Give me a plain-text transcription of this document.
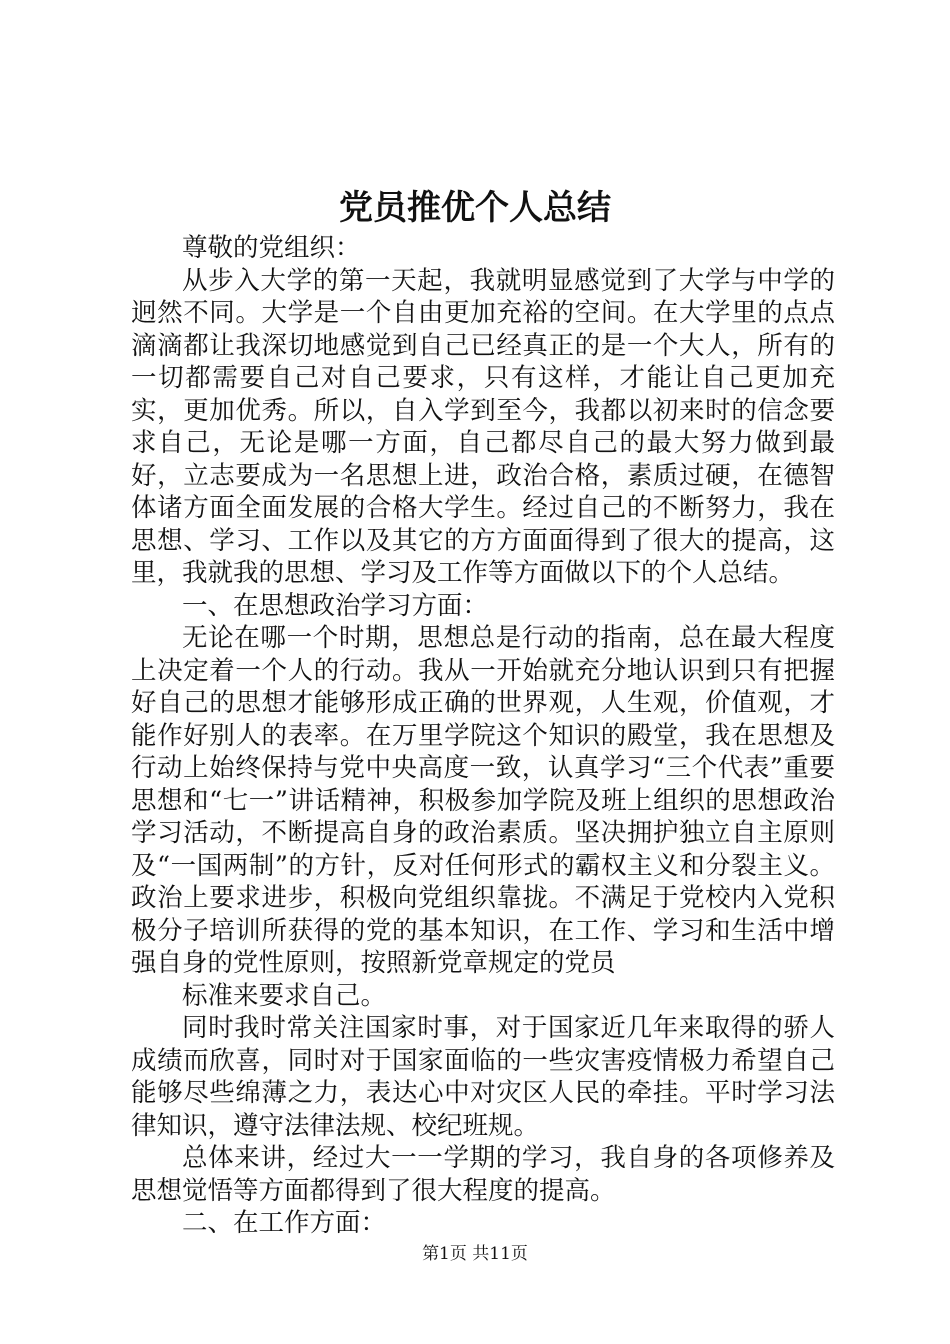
党员推优个人总结

尊敬的党组织：

从步入大学的第一天起，我就明显感觉到了大学与中学的迥然不同。大学是一个自由更加充裕的空间。在大学里的点点滴滴都让我深切地感觉到自己已经真正的是一个大人，所有的一切都需要自己对自己要求，只有这样，才能让自己更加充实，更加优秀。所以，自入学到至今，我都以初来时的信念要求自己，无论是哪一方面，自己都尽自己的最大努力做到最好，立志要成为一名思想上进，政治合格，素质过硬，在德智体诸方面全面发展的合格大学生。经过自己的不断努力，我在思想、学习、工作以及其它的方方面面得到了很大的提高，这里，我就我的思想、学习及工作等方面做以下的个人总结。

一、在思想政治学习方面：

无论在哪一个时期，思想总是行动的指南，总在最大程度上决定着一个人的行动。我从一开始就充分地认识到只有把握好自己的思想才能够形成正确的世界观，人生观，价值观，才能作好别人的表率。在万里学院这个知识的殿堂，我在思想及行动上始终保持与党中央高度一致，认真学习“三个代表”重要思想和“七一”讲话精神，积极参加学院及班上组织的思想政治学习活动，不断提高自身的政治素质。坚决拥护独立自主原则及“一国两制”的方针，反对任何形式的霸权主义和分裂主义。政治上要求进步，积极向党组织靠拢。不满足于党校内入党积极分子培训所获得的党的基本知识，在工作、学习和生活中增强自身的党性原则，按照新党章规定的党员

标准来要求自己。

同时我时常关注国家时事，对于国家近几年来取得的骄人成绩而欣喜，同时对于国家面临的一些灾害疫情极力希望自己能够尽些绵薄之力，表达心中对灾区人民的牵挂。平时学习法律知识，遵守法律法规、校纪班规。

总体来讲，经过大一一学期的学习，我自身的各项修养及思想觉悟等方面都得到了很大程度的提高。

二、在工作方面：

第1页 共11页
